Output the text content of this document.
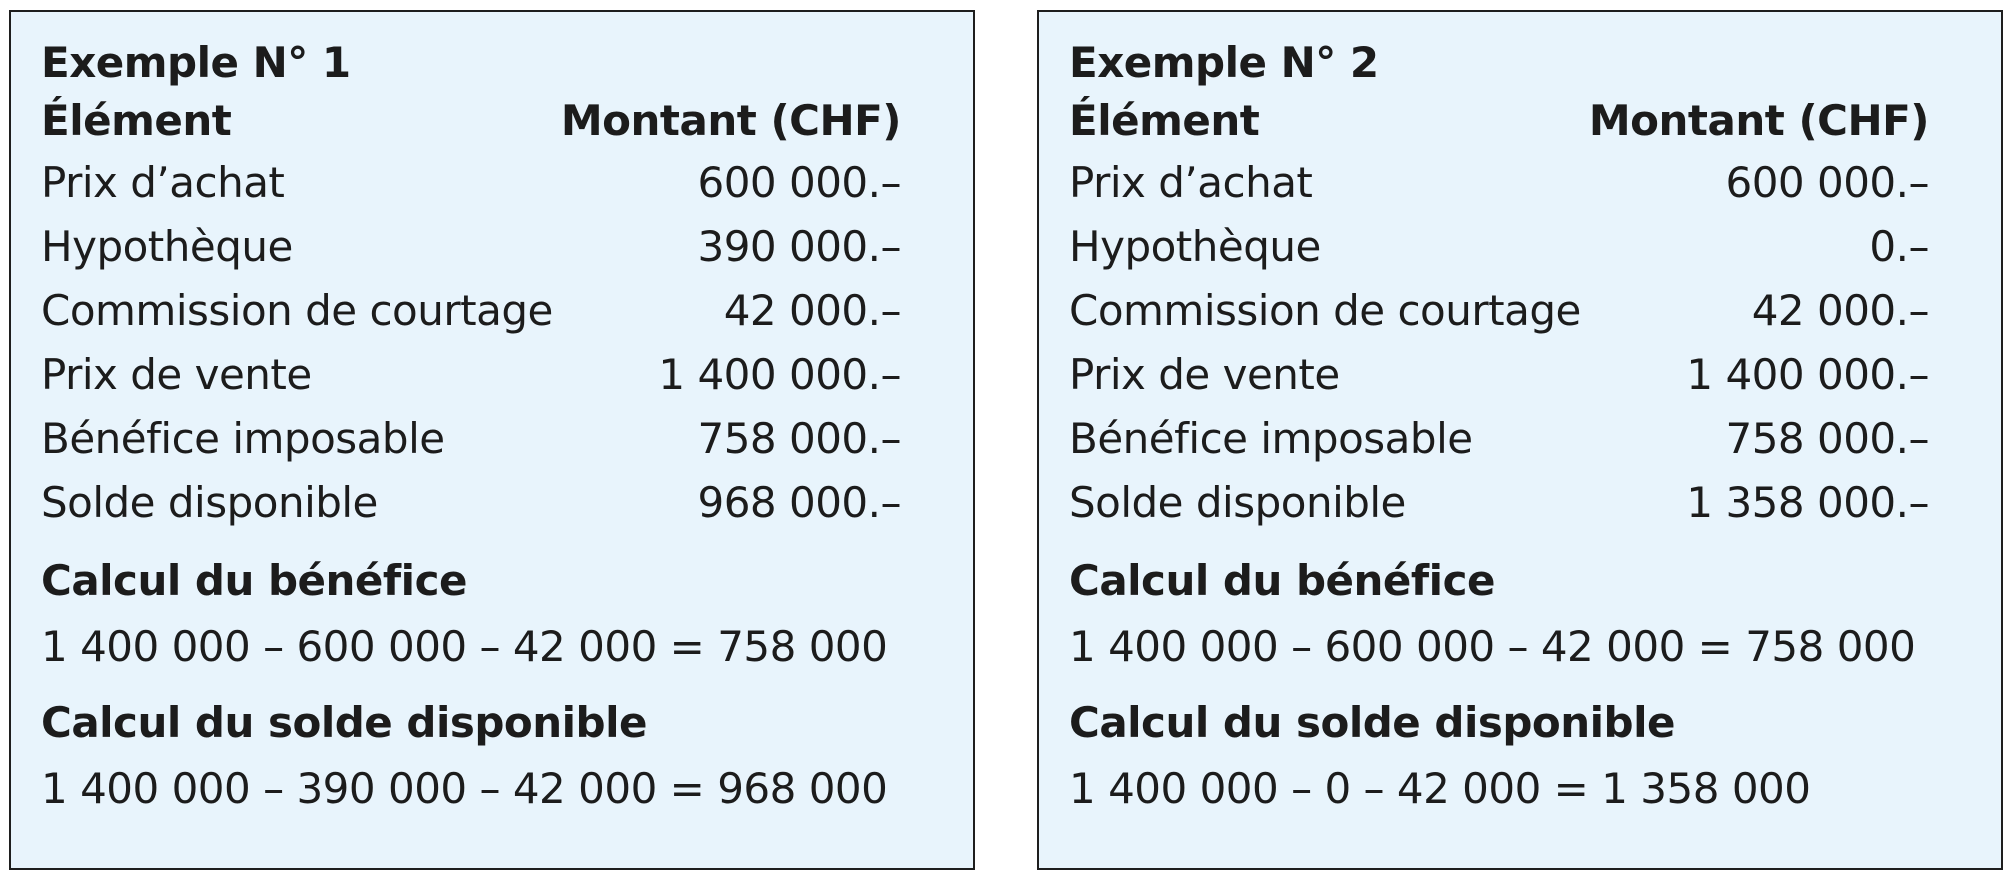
Exemple N° 1
Élément	Montant (CHF)
Prix d’achat	600 000.–
Hypothèque	390 000.–
Commission de courtage	42 000.–
Prix de vente	1 400 000.–
Bénéfice imposable	758 000.–
Solde disponible	968 000.–
Calcul du bénéfice
1 400 000 – 600 000 – 42 000 = 758 000
Calcul du solde disponible
1 400 000 – 390 000 – 42 000 = 968 000
Exemple N° 2
Élément	Montant (CHF)
Prix d’achat	600 000.–
Hypothèque	0.–
Commission de courtage	42 000.–
Prix de vente	1 400 000.–
Bénéfice imposable	758 000.–
Solde disponible	1 358 000.–
Calcul du bénéfice
1 400 000 – 600 000 – 42 000 = 758 000
Calcul du solde disponible
1 400 000 – 0 – 42 000 = 1 358 000
